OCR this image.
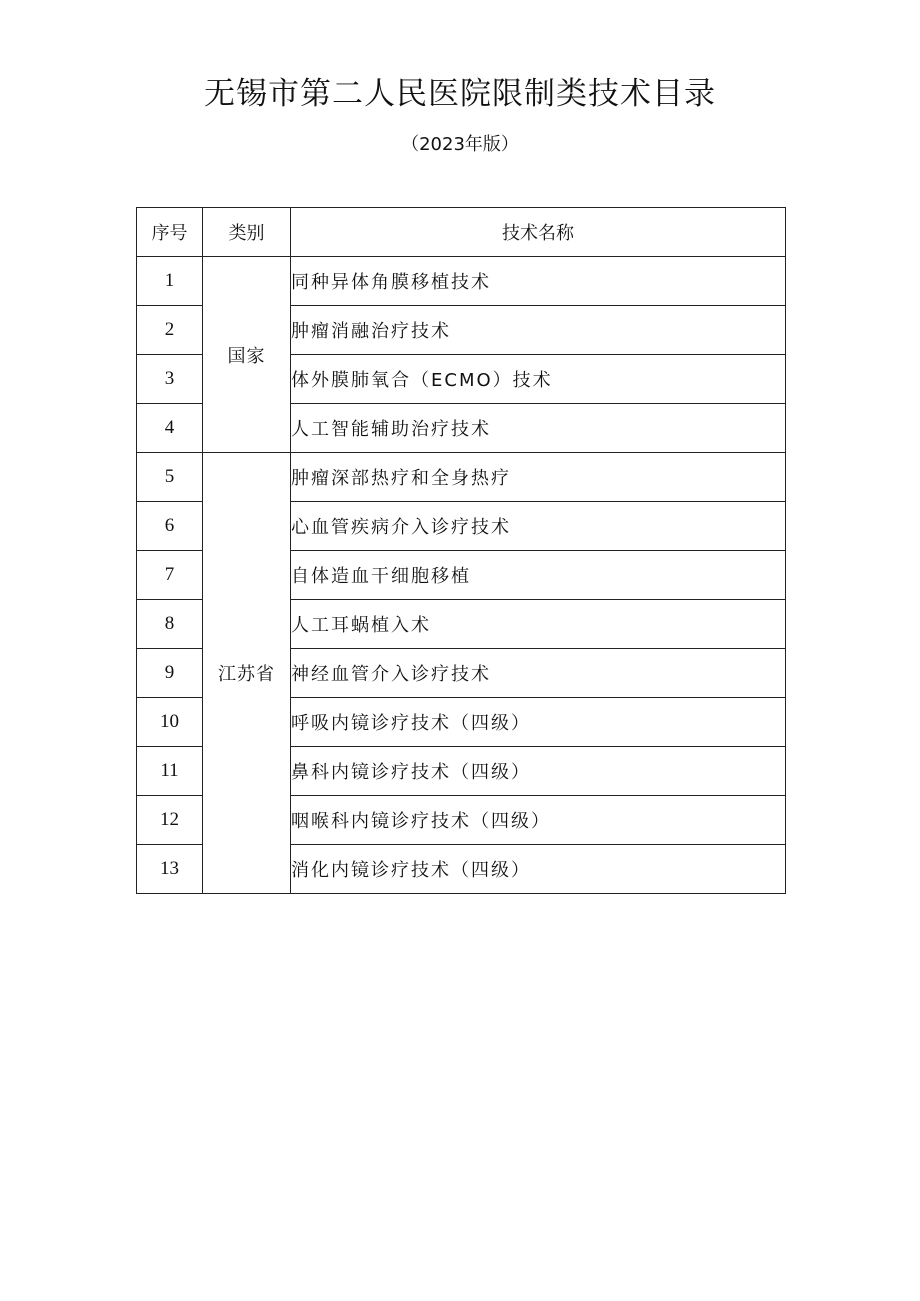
无锡市第二人民医院限制类技术目录
（2023年版）
序号	类别	技术名称
1	国家	同种异体角膜移植技术
2		肿瘤消融治疗技术
3		体外膜肺氧合（ECMO）技术
4		人工智能辅助治疗技术
5	江苏省	肿瘤深部热疗和全身热疗
6		心血管疾病介入诊疗技术
7		自体造血干细胞移植
8		人工耳蜗植入术
9		神经血管介入诊疗技术
10		呼吸内镜诊疗技术（四级）
11		鼻科内镜诊疗技术（四级）
12		咽喉科内镜诊疗技术（四级）
13		消化内镜诊疗技术（四级）
